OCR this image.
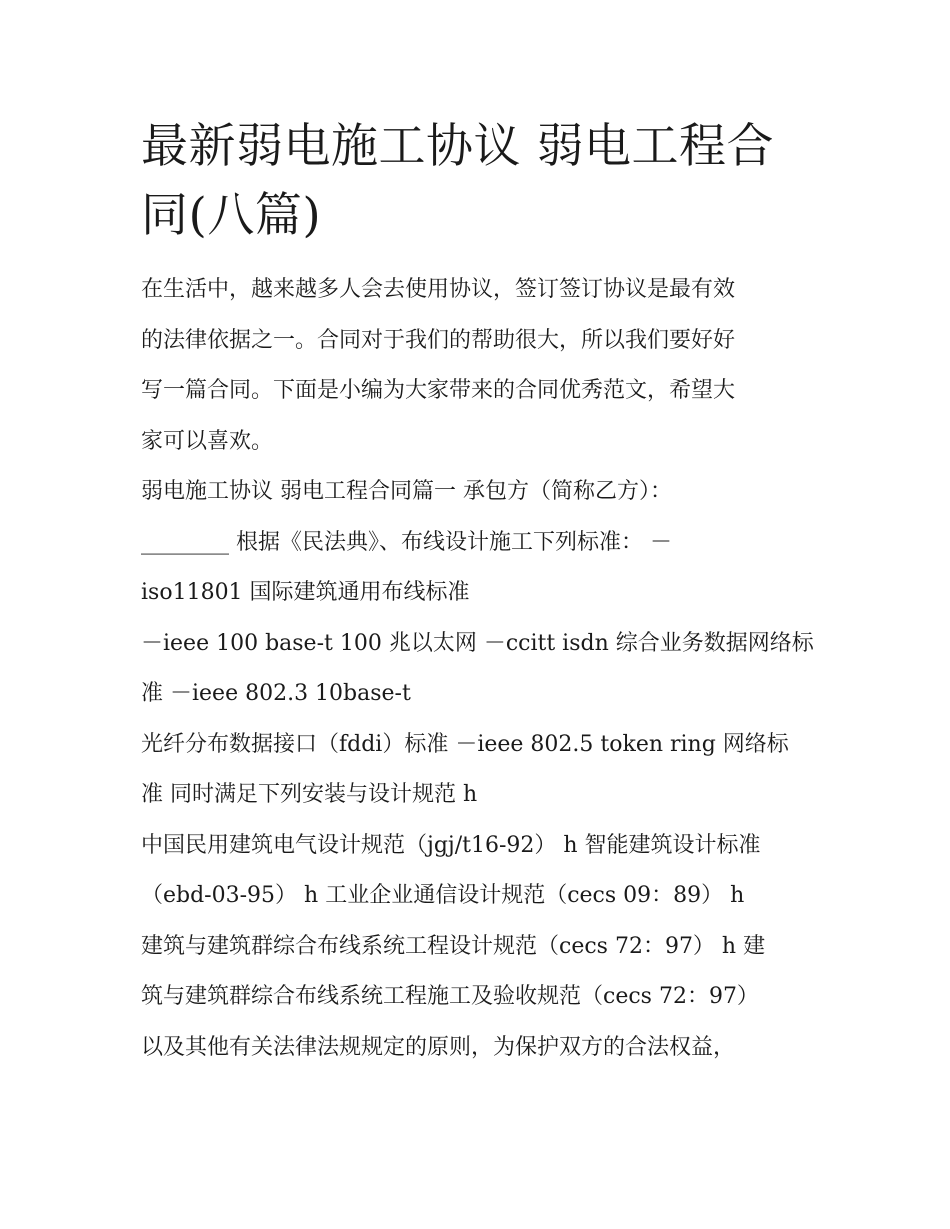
最新弱电施工协议 弱电工程合
同(八篇)

在生活中，越来越多人会去使用协议，签订签订协议是最有效

的法律依据之一。合同对于我们的帮助很大，所以我们要好好

写一篇合同。下面是小编为大家带来的合同优秀范文，希望大

家可以喜欢。

弱电施工协议 弱电工程合同篇一 承包方（简称乙方）：

________ 根据《民法典》、布线设计施工下列标准： －

iso11801 国际建筑通用布线标准

－ieee 100 base-t 100 兆以太网 －ccitt isdn 综合业务数据网络标

准 －ieee 802.3 10base-t

光纤分布数据接口（fddi）标准 －ieee 802.5 token ring 网络标

准 同时满足下列安装与设计规范 h

中国民用建筑电气设计规范（jgj/t16-92） h 智能建筑设计标准

（ebd-03-95） h 工业企业通信设计规范（cecs 09：89） h

建筑与建筑群综合布线系统工程设计规范（cecs 72：97） h 建

筑与建筑群综合布线系统工程施工及验收规范（cecs 72：97）

以及其他有关法律法规规定的原则，为保护双方的合法权益，
